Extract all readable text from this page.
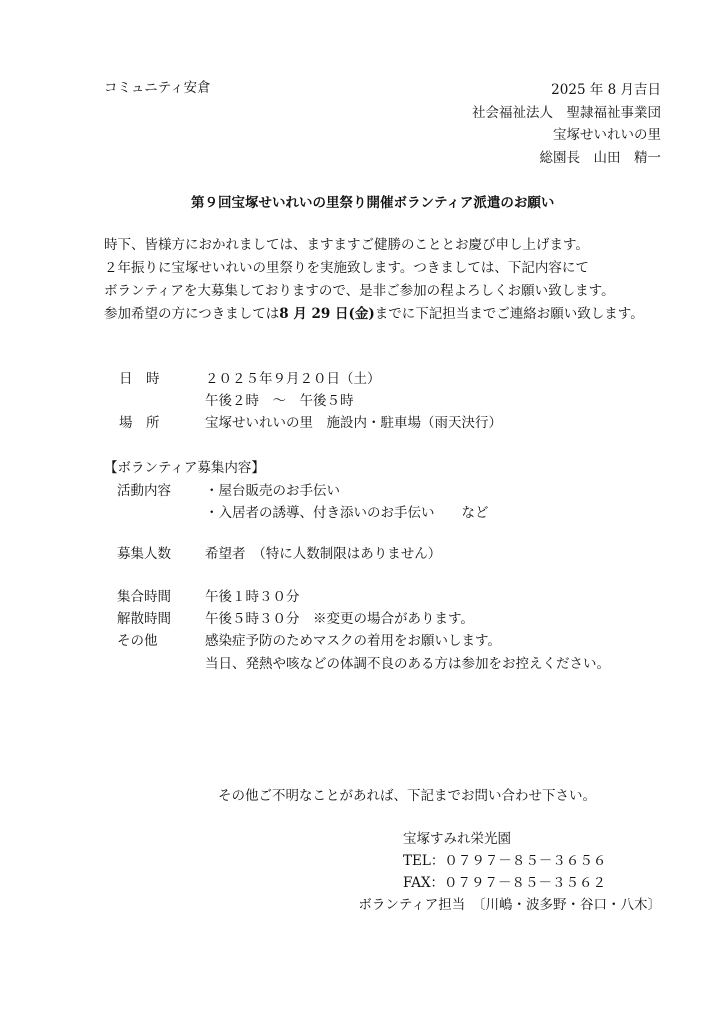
コミュニティ安倉	2025 年 8 月吉日
社会福祉法人　聖隷福祉事業団
宝塚せいれいの里
総園長　山田　精一
第９回宝塚せいれいの里祭り開催ボランティア派遣のお願い
時下、皆様方におかれましては、ますますご健勝のこととお慶び申し上げます。
２年振りに宝塚せいれいの里祭りを実施致します。つきましては、下記内容にて
ボランティアを大募集しておりますので、是非ご参加の程よろしくお願い致します。
参加希望の方につきましては8 月 29 日(金)までに下記担当までご連絡お願い致します。
日　時	２０２５年９月２０日（土）
午後２時　～　午後５時
場　所	宝塚せいれいの里　施設内・駐車場（雨天決行）
【ボランティア募集内容】
活動内容	・屋台販売のお手伝い
・入居者の誘導、付き添いのお手伝い　　など
募集人数	希望者　（特に人数制限はありません）
集合時間	午後１時３０分
解散時間	午後５時３０分　※変更の場合があります。
その他	感染症予防のためマスクの着用をお願いします。
当日、発熱や咳などの体調不良のある方は参加をお控えください。
その他ご不明なことがあれば、下記までお問い合わせ下さい。
宝塚すみれ栄光園
TEL：０７９７－８５－３６５６
FAX：０７９７－８５－３５６２
ボランティア担当　〔川嶋・波多野・谷口・八木〕
